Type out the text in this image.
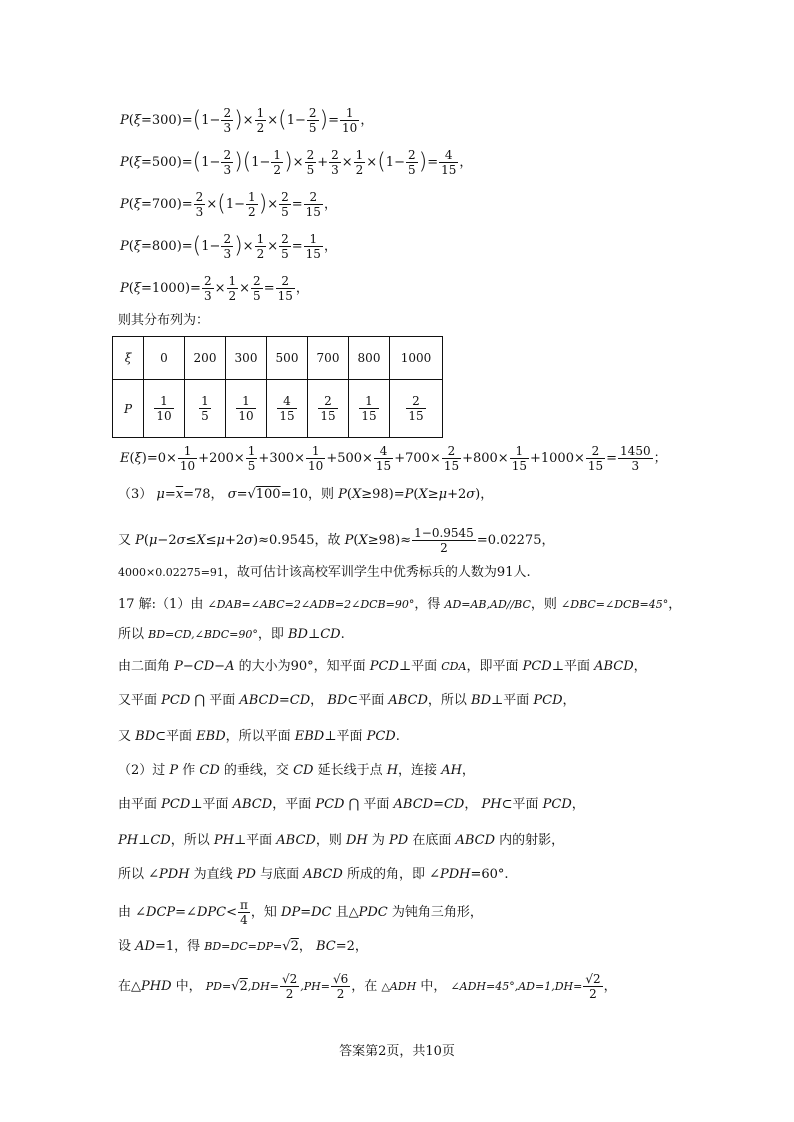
$P(\xi=300)=(1- \frac{2}{3}$ )× $\frac{1}{2} \times(1- \frac{2}{5}$ )= $\frac{1}{10}$ ，
$P(\xi=500)=(1- \frac{2}{3} )(1- \frac{1}{2}$ )× $\frac{2}{5} + \frac{2}{3} \times \frac{1}{2} \times(1- \frac{2}{5}$ )= $\frac{4}{15}$ ，
$P(\xi=700)= \frac{2}{3} \times(1- \frac{1}{2}$ )× $\frac{2}{5} = \frac{2}{15}$ ，
$P(\xi=800)=(1- \frac{2}{3}$ )× $\frac{1}{2} \times \frac{2}{5} = \frac{1}{15}$ ，
$P(\xi=1000)= \frac{2}{3} \times \frac{1}{2} \times \frac{2}{5} = \frac{2}{15}$ ，
则其分布列为：
ξ	0	200	300	500	700	800	1000
P	$\frac{1}{10}$	$\frac{1}{5}$	$\frac{1}{10}$	$\frac{4}{15}$	$\frac{2}{15}$	$\frac{1}{15}$	$\frac{2}{15}$
$E(\xi)=0\times \frac{1}{10} +200\times \frac{1}{5} +300\times \frac{1}{10} +500\times \frac{4}{15} +700\times \frac{2}{15} +800\times \frac{1}{15} +1000\times \frac{2}{15} = \frac{1450}{3}$ ；
（3） $\mu=\overline{x}=78$， σ=√100=10，则 P(X≥98)=P(X≥μ+2σ)，
又 P(μ−2σ≤X≤μ+2σ)≈0.9545，故 $P(X\ge 98)\approx \frac{1-0.9545}{2} =0.02275$，
4000×0.02275=91，故可估计该高校军训学生中优秀标兵的人数为91人.
17 解:（1）由 ∠DAB=∠ABC=2∠ADB=2∠DCB=90°，得 AD=AB,AD//BC，则 ∠DBC=∠DCB=45°，
所以 BD=CD,∠BDC=90°，即 BD⊥CD.
由二面角 P−CD−A 的大小为90°，知平面 PCD⊥平面 CDA，即平面 PCD⊥平面 ABCD，
又平面 PCD ⋂ 平面 ABCD=CD， BD⊂平面 ABCD，所以 BD⊥平面 PCD，
又 BD⊂平面 EBD，所以平面 EBD⊥平面 PCD.
（2）过 P 作 CD 的垂线，交 CD 延长线于点 H，连接 AH，
由平面 PCD⊥平面 ABCD，平面 PCD ⋂ 平面 ABCD=CD， PH⊂平面 PCD，
PH⊥CD，所以 PH⊥平面 ABCD，则 DH 为 PD 在底面 ABCD 内的射影，
所以 ∠PDH 为直线 PD 与底面 ABCD 所成的角，即 ∠PDH=60°.
由 ∠DCP=∠DPC< $\frac{\pi}{4}$ ，知 DP=DC 且△PDC 为钝角三角形，
设 AD=1，得 BD=DC=DP=√2， BC=2，
在△PHD 中， $PD=√2,DH= \frac{√2}{2} ,PH= \frac{√6}{2}$ ，在 △ADH 中， ∠ADH=45°,AD=1,DH= $\frac{√2}{2}$ ，
答案第2页，共10页
